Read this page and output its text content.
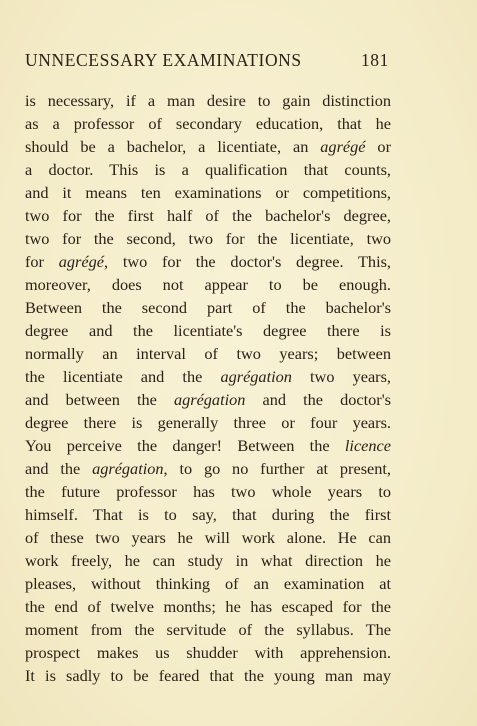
UNNECESSARY EXAMINATIONS	181
is necessary, if a man desire to gain distinction
as a professor of secondary education, that he
should be a bachelor, a licentiate, an agrégé or
a doctor. This is a qualification that counts,
and it means ten examinations or competitions,
two for the first half of the bachelor's degree,
two for the second, two for the licentiate, two
for agrégé, two for the doctor's degree. This,
moreover, does not appear to be enough.
Between the second part of the bachelor's
degree and the licentiate's degree there is
normally an interval of two years; between
the licentiate and the agrégation two years,
and between the agrégation and the doctor's
degree there is generally three or four years.
You perceive the danger! Between the licence
and the agrégation, to go no further at present,
the future professor has two whole years to
himself. That is to say, that during the first
of these two years he will work alone. He can
work freely, he can study in what direction he
pleases, without thinking of an examination at
the end of twelve months; he has escaped for the
moment from the servitude of the syllabus. The
prospect makes us shudder with apprehension.
It is sadly to be feared that the young man may
